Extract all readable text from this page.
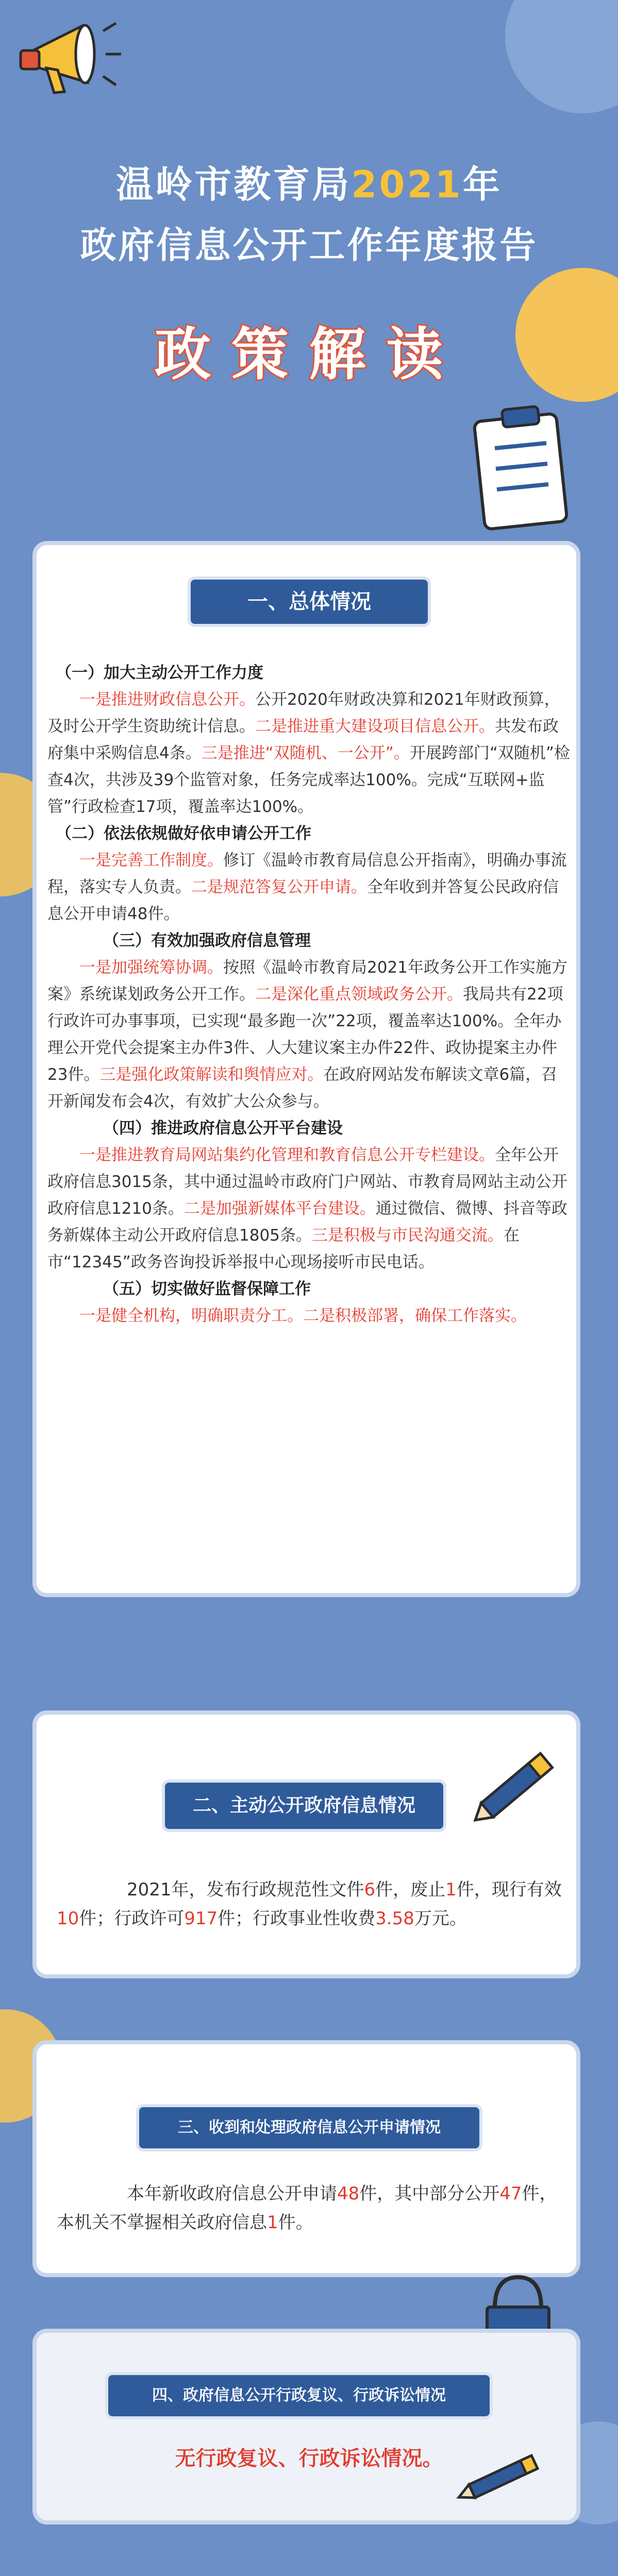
温岭市教育局2021年
政府信息公开工作年度报告
政策解读
一、总体情况
（一）加大主动公开工作力度
一是推进财政信息公开。公开2020年财政决算和2021年财政预算，及时公开学生资助统计信息。二是推进重大建设项目信息公开。共发布政府集中采购信息4条。三是推进“双随机、一公开”。开展跨部门“双随机”检查4次，共涉及39个监管对象，任务完成率达100%。完成“互联网+监管”行政检查17项，覆盖率达100%。
（二）依法依规做好依申请公开工作
一是完善工作制度。修订《温岭市教育局信息公开指南》，明确办事流程，落实专人负责。二是规范答复公开申请。全年收到并答复公民政府信息公开申请48件。
（三）有效加强政府信息管理
一是加强统筹协调。按照《温岭市教育局2021年政务公开工作实施方案》系统谋划政务公开工作。二是深化重点领域政务公开。我局共有22项行政许可办事事项，已实现“最多跑一次”22项，覆盖率达100%。全年办理公开党代会提案主办件3件、人大建议案主办件22件、政协提案主办件23件。三是强化政策解读和舆情应对。在政府网站发布解读文章6篇，召开新闻发布会4次，有效扩大公众参与。
（四）推进政府信息公开平台建设
一是推进教育局网站集约化管理和教育信息公开专栏建设。全年公开政府信息3015条，其中通过温岭市政府门户网站、市教育局网站主动公开政府信息1210条。二是加强新媒体平台建设。通过微信、微博、抖音等政务新媒体主动公开政府信息1805条。三是积极与市民沟通交流。在市“12345”政务咨询投诉举报中心现场接听市民电话。
（五）切实做好监督保障工作
一是健全机构，明确职责分工。二是积极部署，确保工作落实。
二、主动公开政府信息情况
2021年，发布行政规范性文件6件，废止1件，现行有效10件；行政许可917件；行政事业性收费3.58万元。
三、收到和处理政府信息公开申请情况
本年新收政府信息公开申请48件，其中部分公开47件，本机关不掌握相关政府信息1件。
四、政府信息公开行政复议、行政诉讼情况
无行政复议、行政诉讼情况。
